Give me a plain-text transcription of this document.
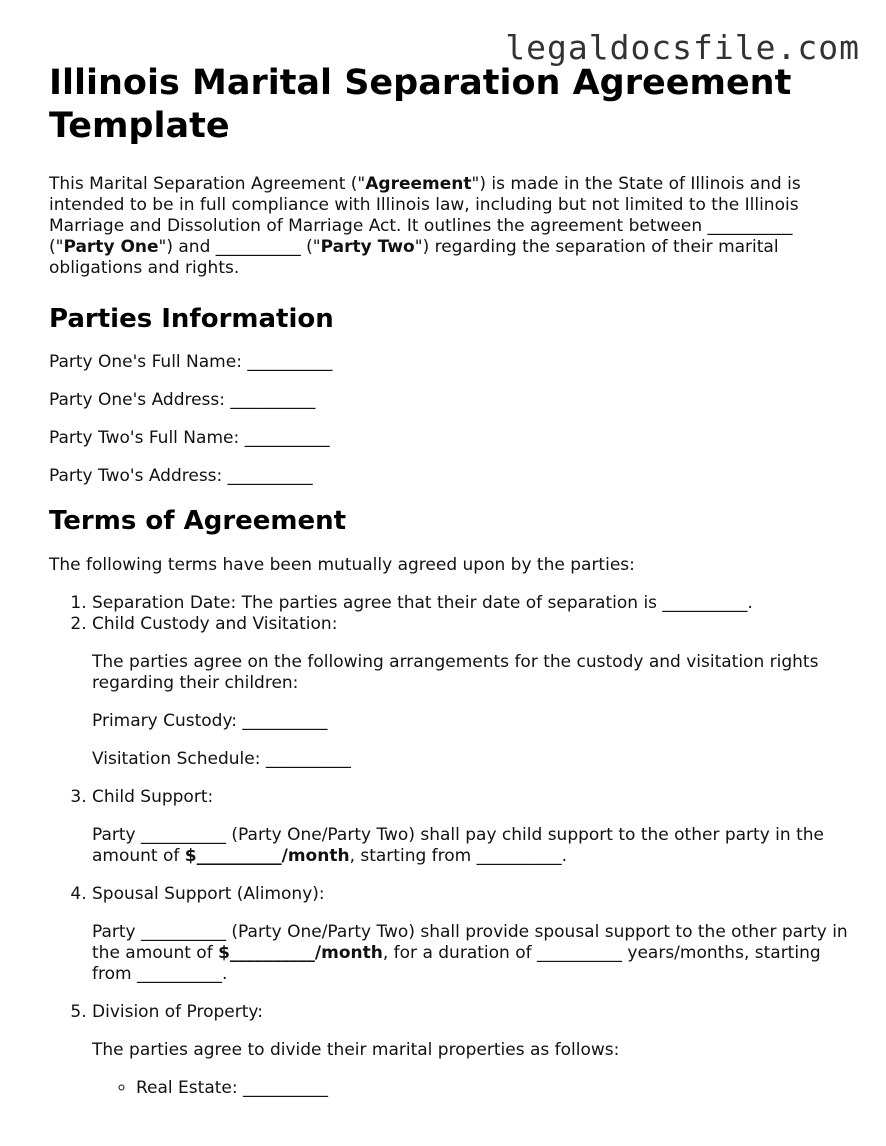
legaldocsfile.com
Illinois Marital Separation Agreement Template

This Marital Separation Agreement ("Agreement") is made in the State of Illinois and is intended to be in full compliance with Illinois law, including but not limited to the Illinois Marriage and Dissolution of Marriage Act. It outlines the agreement between __________ ("Party One") and __________ ("Party Two") regarding the separation of their marital obligations and rights.

Parties Information

Party One's Full Name: __________

Party One's Address: __________

Party Two's Full Name: __________

Party Two's Address: __________

Terms of Agreement

The following terms have been mutually agreed upon by the parties:

1. Separation Date: The parties agree that their date of separation is __________.
2. Child Custody and Visitation:

The parties agree on the following arrangements for the custody and visitation rights regarding their children:

Primary Custody: __________

Visitation Schedule: __________

3. Child Support:

Party __________ (Party One/Party Two) shall pay child support to the other party in the amount of $__________/month, starting from __________.

4. Spousal Support (Alimony):

Party __________ (Party One/Party Two) shall provide spousal support to the other party in the amount of $__________/month, for a duration of __________ years/months, starting from __________.

5. Division of Property:

The parties agree to divide their marital properties as follows:

◦ Real Estate: __________
